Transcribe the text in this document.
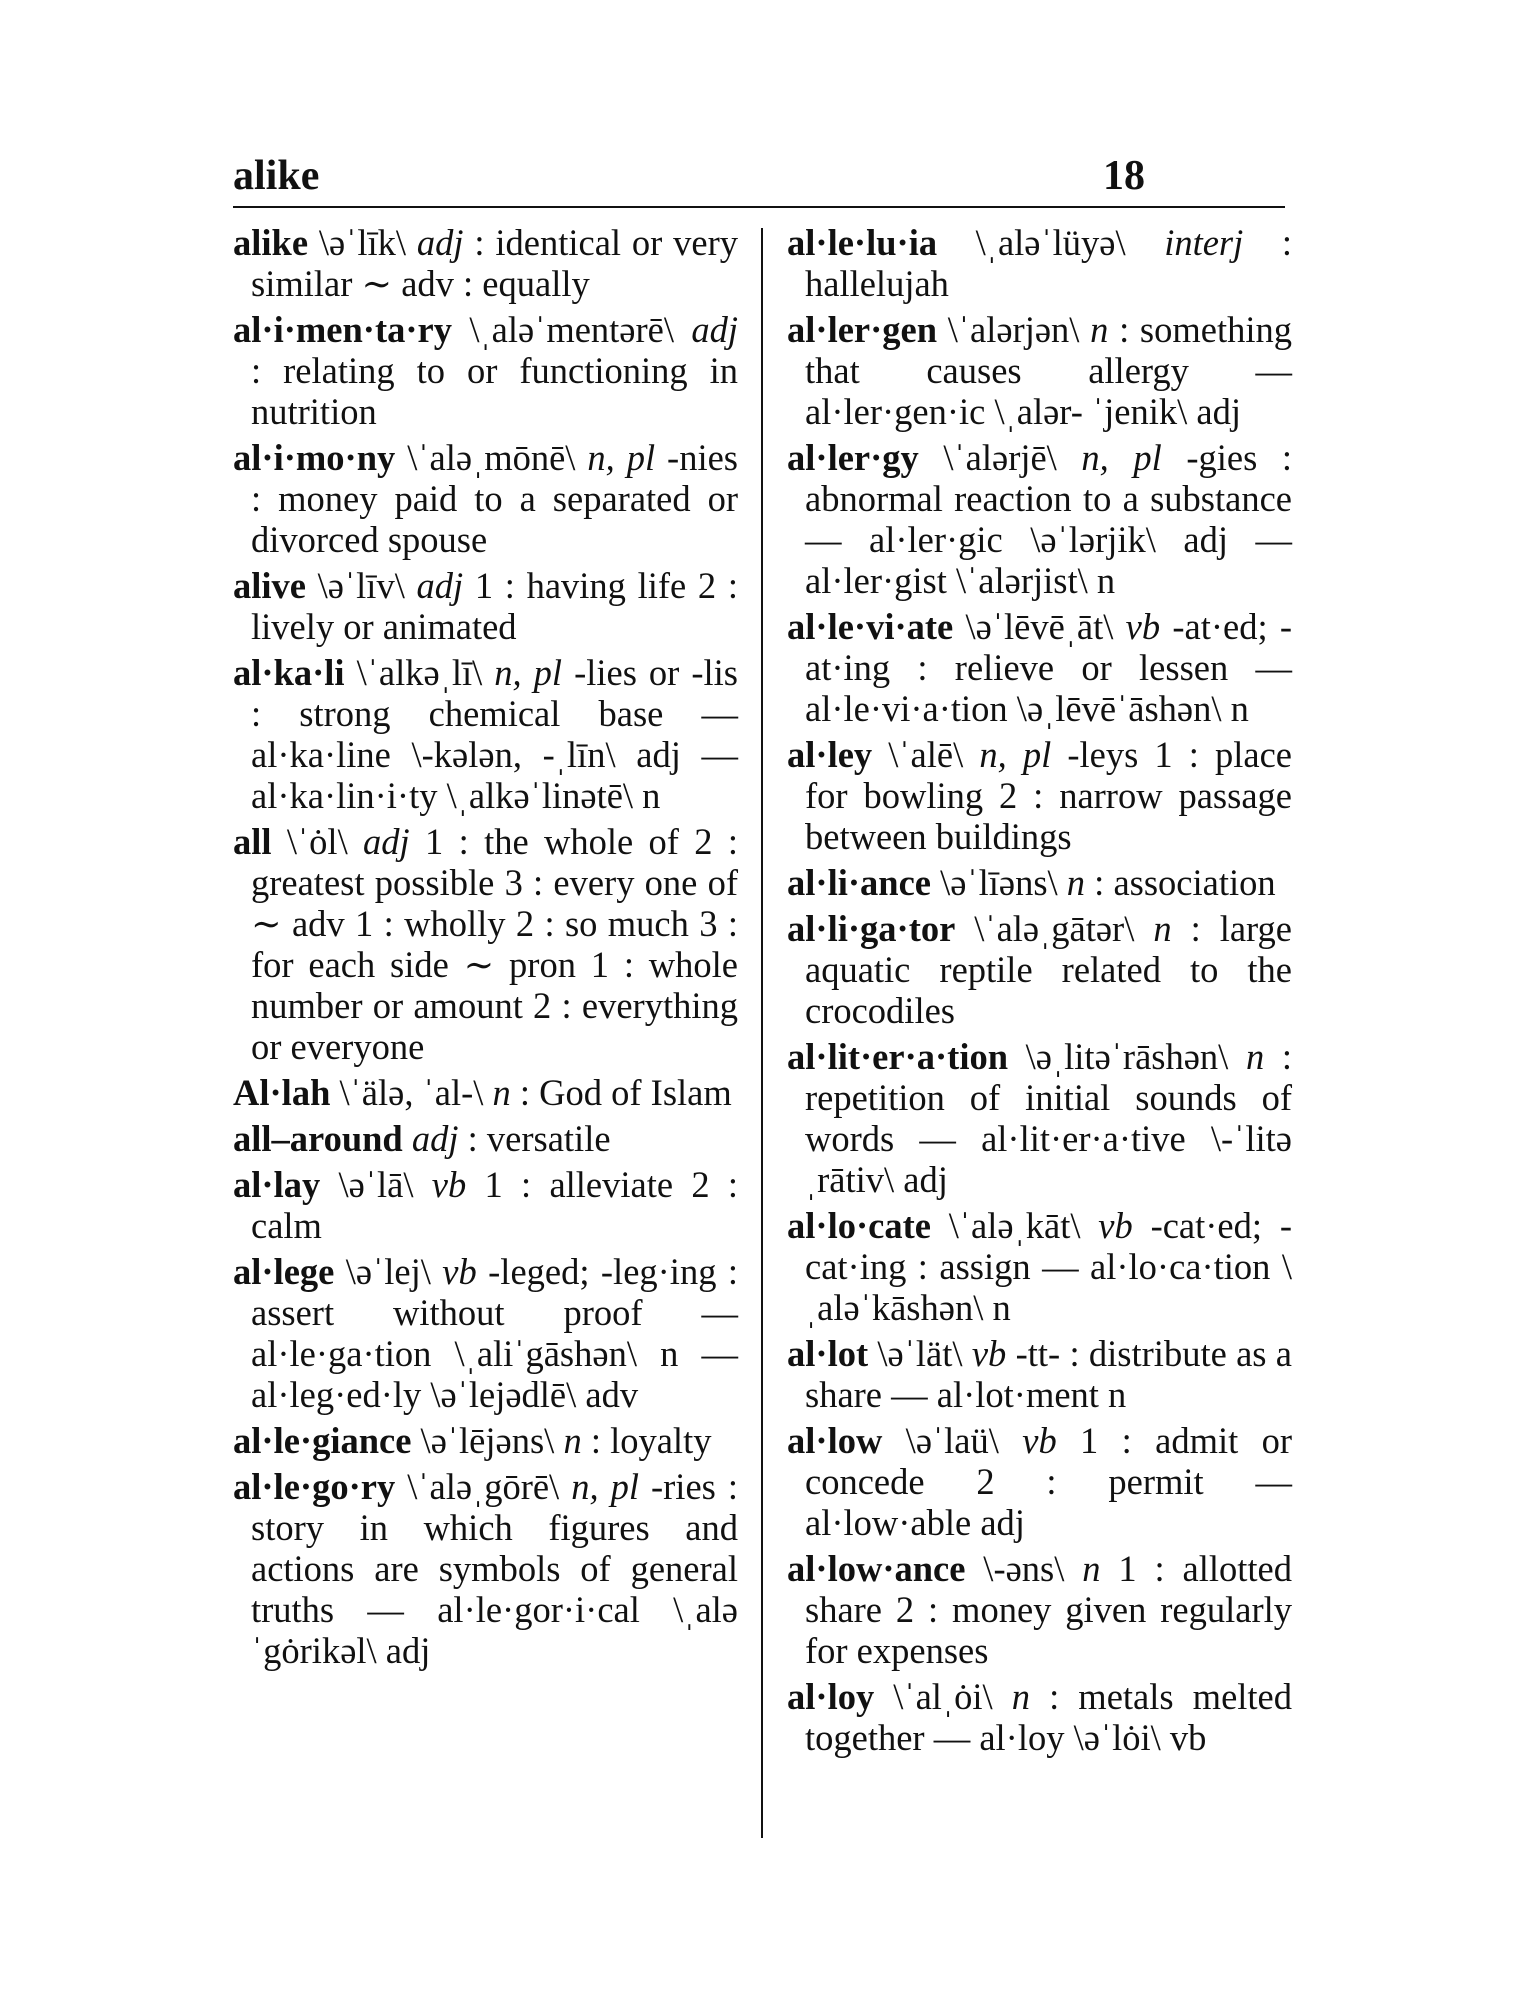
alike	18
alike \əˈlīk\ adj : identical or very similar ∼ adv : equally
al·i·men·ta·ry \ˌaləˈmentərē\ adj : relating to or functioning in nutrition
al·i·mo·ny \ˈaləˌmōnē\ n, pl -nies : money paid to a separated or divorced spouse
alive \əˈlīv\ adj 1 : having life 2 : lively or animated
al·ka·li \ˈalkəˌlī\ n, pl -lies or -lis : strong chemical base — al·ka·line \-kələn, -ˌlīn\ adj — al·ka·lin·i·ty \ˌalkəˈlinətē\ n
all \ˈȯl\ adj 1 : the whole of 2 : greatest possible 3 : every one of ∼ adv 1 : wholly 2 : so much 3 : for each side ∼ pron 1 : whole number or amount 2 : everything or everyone
Al·lah \ˈälə, ˈal-\ n : God of Islam
all–around adj : versatile
al·lay \əˈlā\ vb 1 : alleviate 2 : calm
al·lege \əˈlej\ vb -leged; -leg·ing : assert without proof — al·le·ga·tion \ˌaliˈgāshən\ n — al·leg·ed·ly \əˈlejədlē\ adv
al·le·giance \əˈlējəns\ n : loyalty
al·le·go·ry \ˈaləˌgōrē\ n, pl -ries : story in which figures and actions are symbols of general truths — al·le·gor·i·cal \ˌaləˈgȯrikəl\ adj
al·le·lu·ia \ˌaləˈlüyə\ interj : hallelujah
al·ler·gen \ˈalərjən\ n : something that causes allergy — al·ler·gen·ic \ˌalər- ˈjenik\ adj
al·ler·gy \ˈalərjē\ n, pl -gies : abnormal reaction to a substance — al·ler·gic \əˈlərjik\ adj — al·ler·gist \ˈalərjist\ n
al·le·vi·ate \əˈlēvēˌāt\ vb -at·ed; -at·ing : relieve or lessen — al·le·vi·a·tion \əˌlēvēˈāshən\ n
al·ley \ˈalē\ n, pl -leys 1 : place for bowling 2 : narrow passage between buildings
al·li·ance \əˈlīəns\ n : association
al·li·ga·tor \ˈaləˌgātər\ n : large aquatic reptile related to the crocodiles
al·lit·er·a·tion \əˌlitəˈrāshən\ n : repetition of initial sounds of words — al·lit·er·a·tive \-ˈlitəˌrātiv\ adj
al·lo·cate \ˈaləˌkāt\ vb -cat·ed; -cat·ing : assign — al·lo·ca·tion \ˌaləˈkāshən\ n
al·lot \əˈlät\ vb -tt- : distribute as a share — al·lot·ment n
al·low \əˈlaü\ vb 1 : admit or concede 2 : permit — al·low·able adj
al·low·ance \-əns\ n 1 : allotted share 2 : money given regularly for expenses
al·loy \ˈalˌȯi\ n : metals melted together — al·loy \əˈlȯi\ vb
